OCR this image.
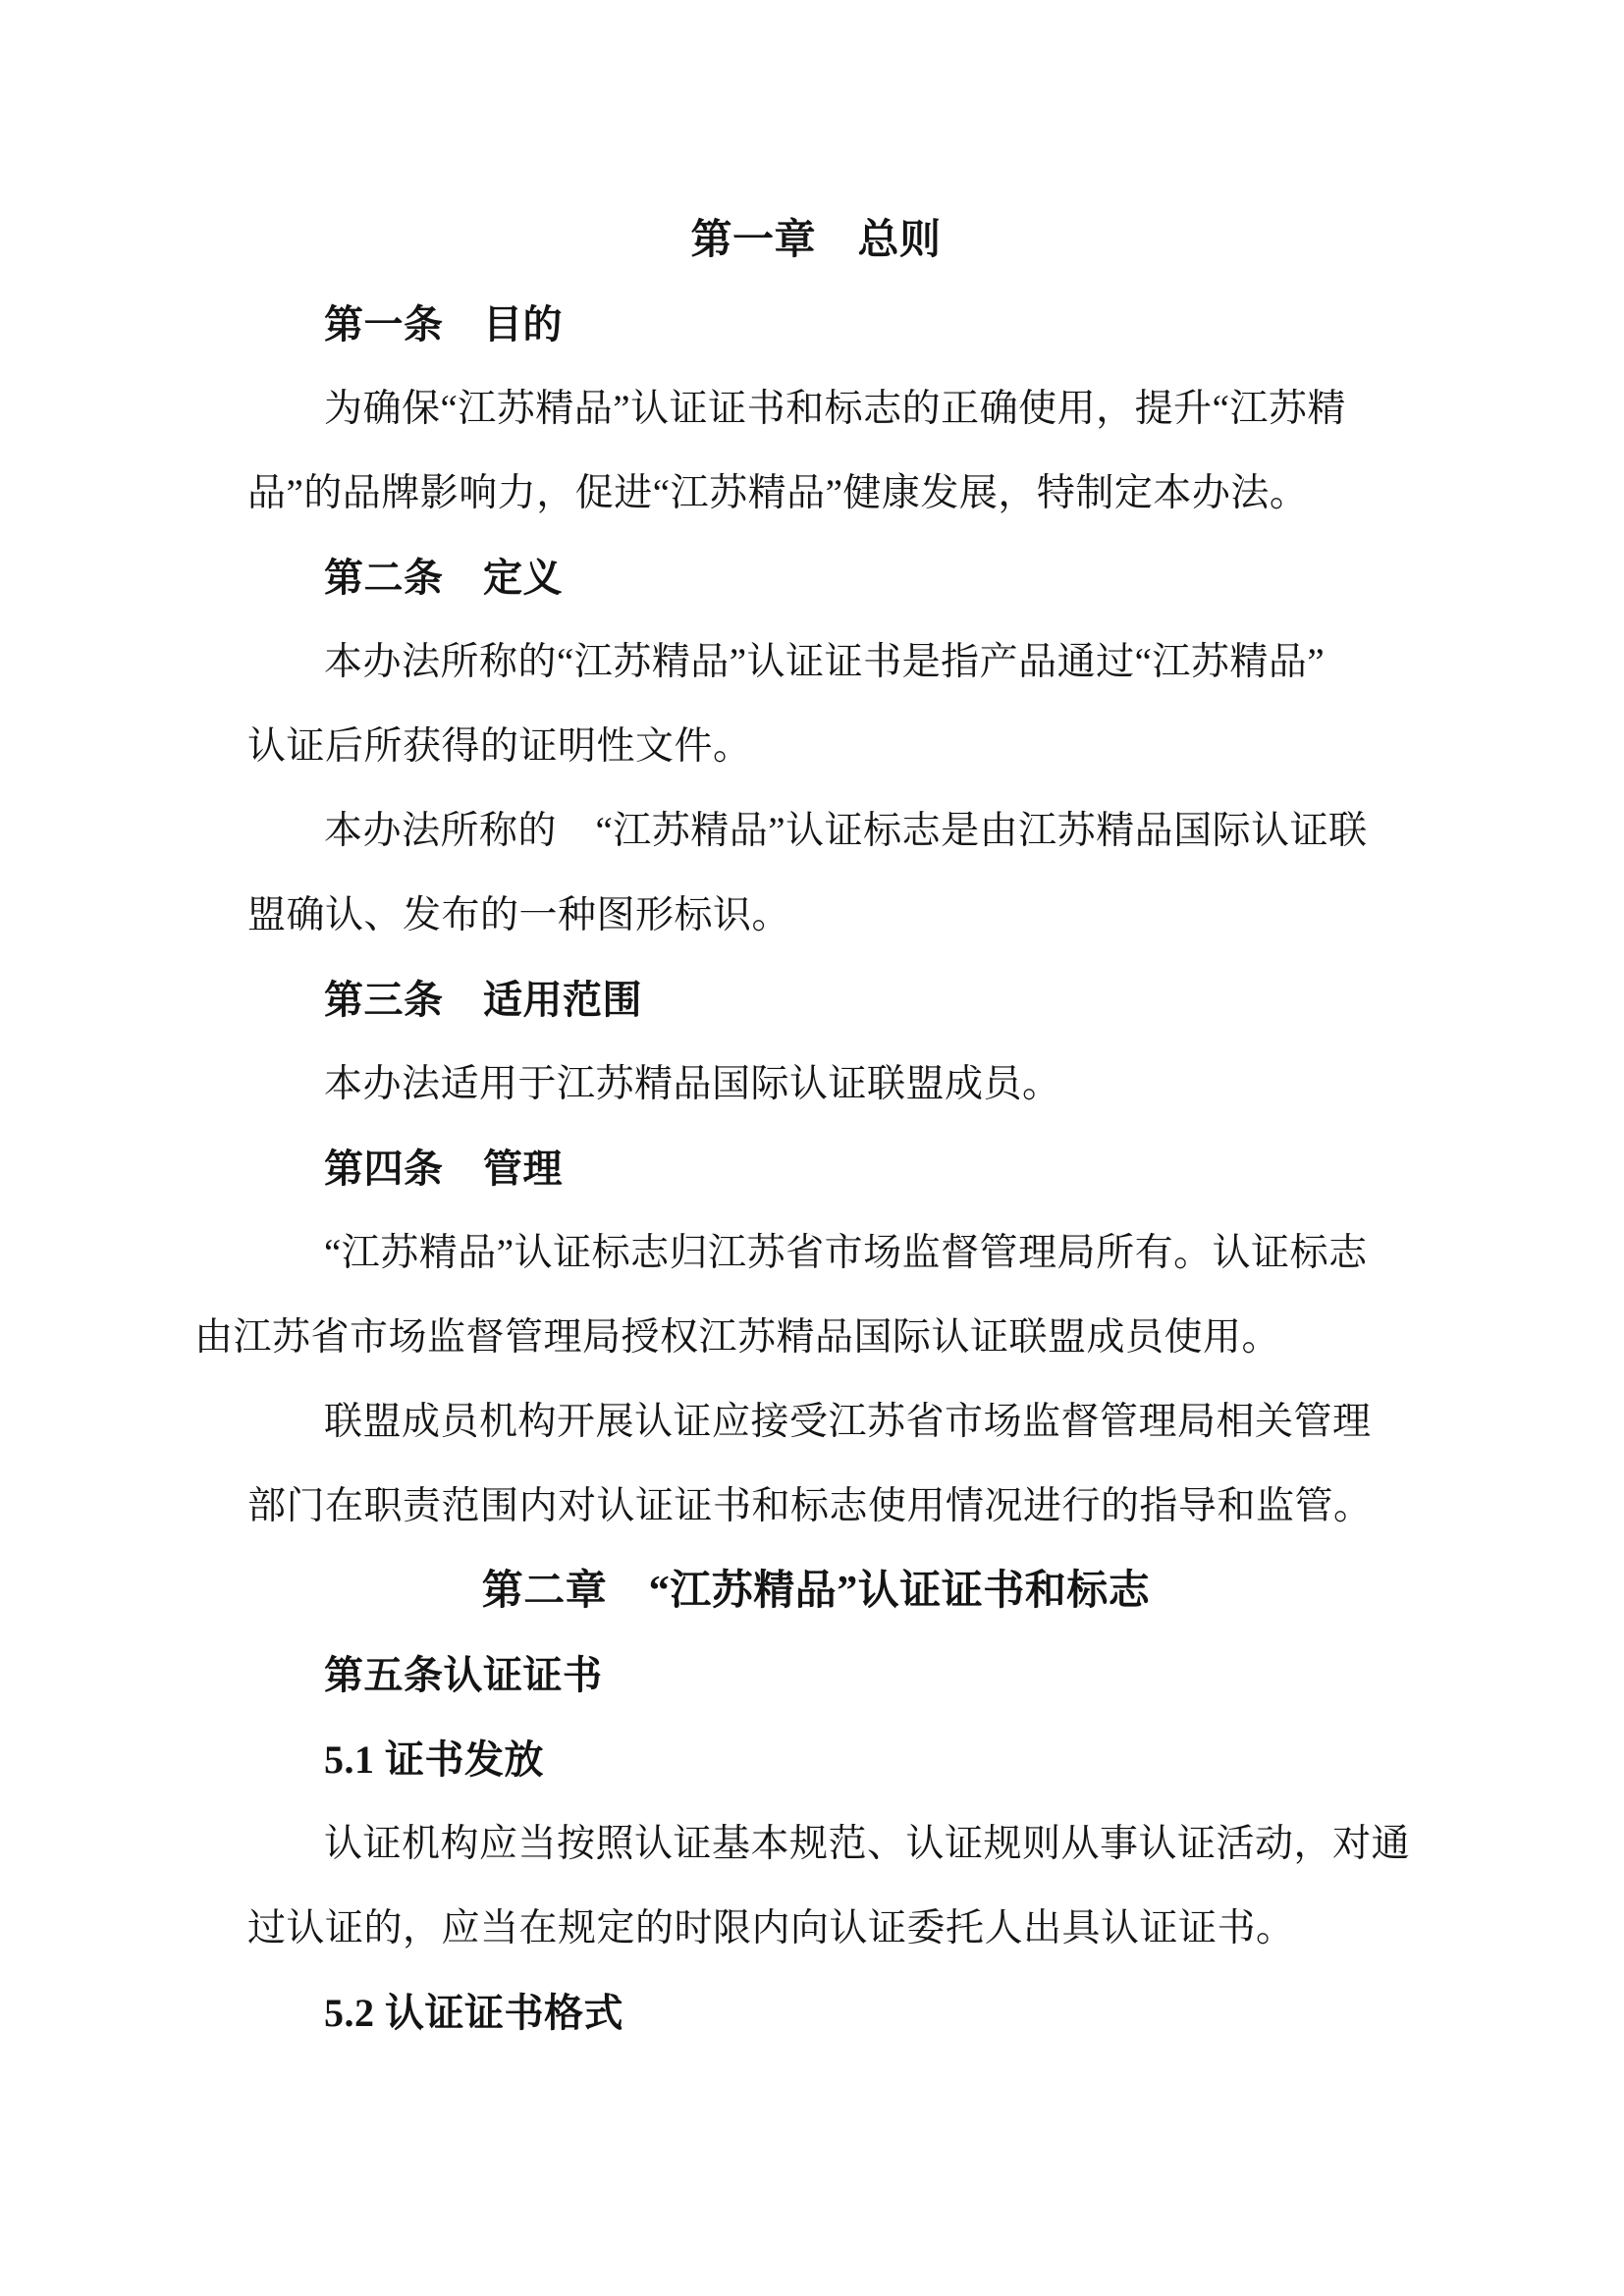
第一章　总则
第一条　目的
为确保“江苏精品”认证证书和标志的正确使用，提升“江苏精
品”的品牌影响力，促进“江苏精品”健康发展，特制定本办法。
第二条　定义
本办法所称的“江苏精品”认证证书是指产品通过“江苏精品”
认证后所获得的证明性文件。
本办法所称的　“江苏精品”认证标志是由江苏精品国际认证联
盟确认、发布的一种图形标识。
第三条　适用范围
本办法适用于江苏精品国际认证联盟成员。
第四条　管理
“江苏精品”认证标志归江苏省市场监督管理局所有。认证标志
由江苏省市场监督管理局授权江苏精品国际认证联盟成员使用。
联盟成员机构开展认证应接受江苏省市场监督管理局相关管理
部门在职责范围内对认证证书和标志使用情况进行的指导和监管。
第二章　“江苏精品”认证证书和标志
第五条认证证书
5.1 证书发放
认证机构应当按照认证基本规范、认证规则从事认证活动，对通
过认证的，应当在规定的时限内向认证委托人出具认证证书。
5.2 认证证书格式
